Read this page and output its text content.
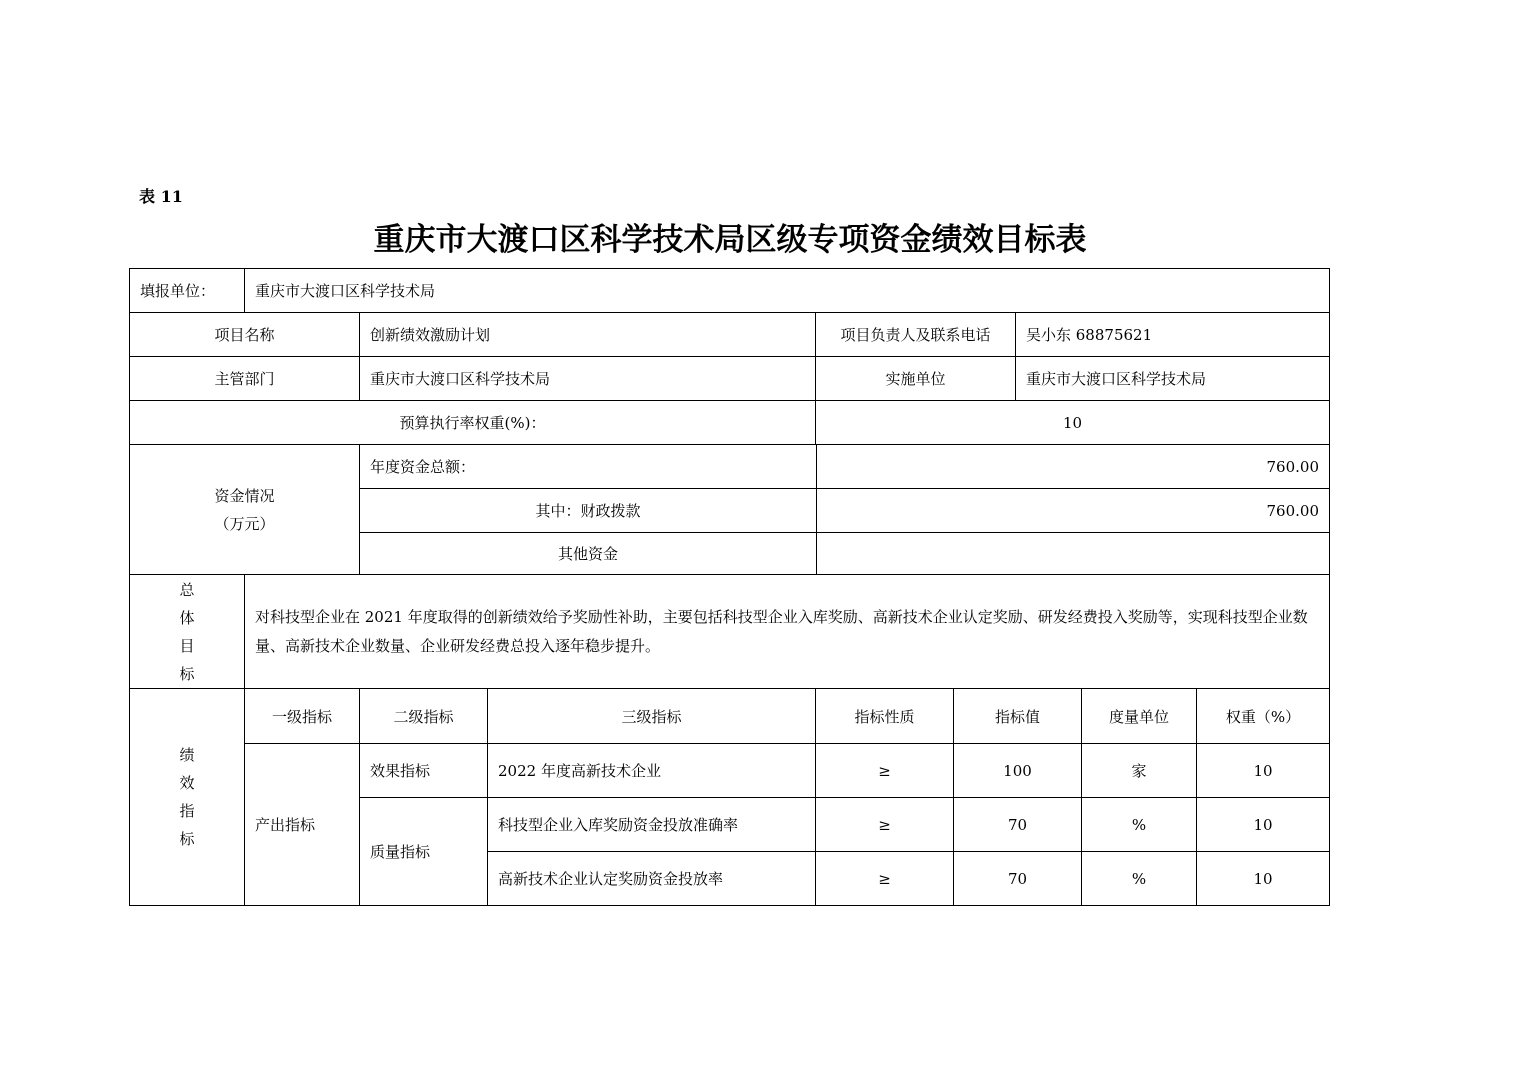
表 11
重庆市大渡口区科学技术局区级专项资金绩效目标表
填报单位：	重庆市大渡口区科学技术局
项目名称	创新绩效激励计划	项目负责人及联系电话	吴小东 68875621
主管部门	重庆市大渡口区科学技术局	实施单位	重庆市大渡口区科学技术局
预算执行率权重(%)：	10
资金情况
（万元）
年度资金总额：	760.00
其中：财政拨款	760.00
其他资金
总
体
目
标
对科技型企业在 2021 年度取得的创新绩效给予奖励性补助，主要包括科技型企业入库奖励、高新技术企业认定奖励、研发经费投入奖励等，实现科技型企业数量、高新技术企业数量、企业研发经费总投入逐年稳步提升。
绩
效
指
标
一级指标	二级指标	三级指标	指标性质	指标值	度量单位	权重（%）
产出指标
效果指标	2022 年度高新技术企业	≥	100	家	10
质量指标
科技型企业入库奖励资金投放准确率	≥	70	%	10
高新技术企业认定奖励资金投放率	≥	70	%	10
